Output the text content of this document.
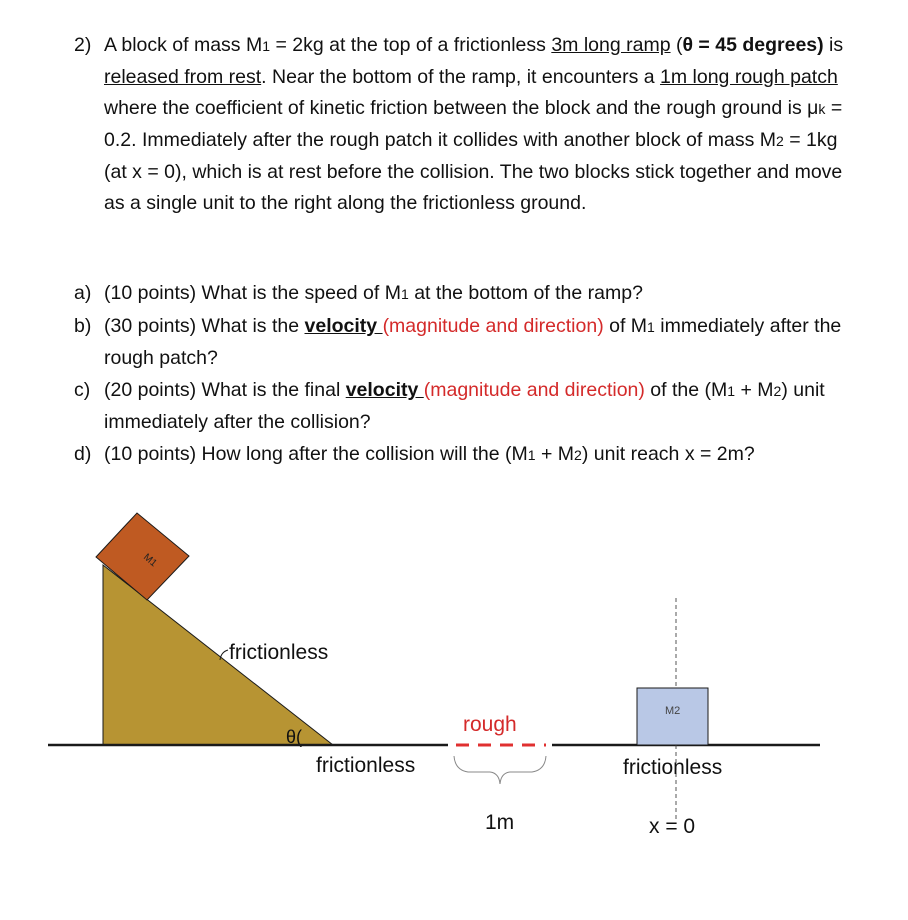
2) A block of mass M1 = 2kg at the top of a frictionless 3m long ramp (θ = 45 degrees) is released from rest. Near the bottom of the ramp, it encounters a 1m long rough patch where the coefficient of kinetic friction between the block and the rough ground is μk = 0.2. Immediately after the rough patch it collides with another block of mass M2 = 1kg (at x = 0), which is at rest before the collision. The two blocks stick together and move as a single unit to the right along the frictionless ground.
a) (10 points) What is the speed of M1 at the bottom of the ramp?
b) (30 points) What is the velocity (magnitude and direction) of M1 immediately after the rough patch?
c) (20 points) What is the final velocity (magnitude and direction) of the (M1 + M2) unit immediately after the collision?
d) (10 points) How long after the collision will the (M1 + M2) unit reach x = 2m?
M1
frictionless
θ(
rough
1m
frictionless
M2
frictionless
x = 0
